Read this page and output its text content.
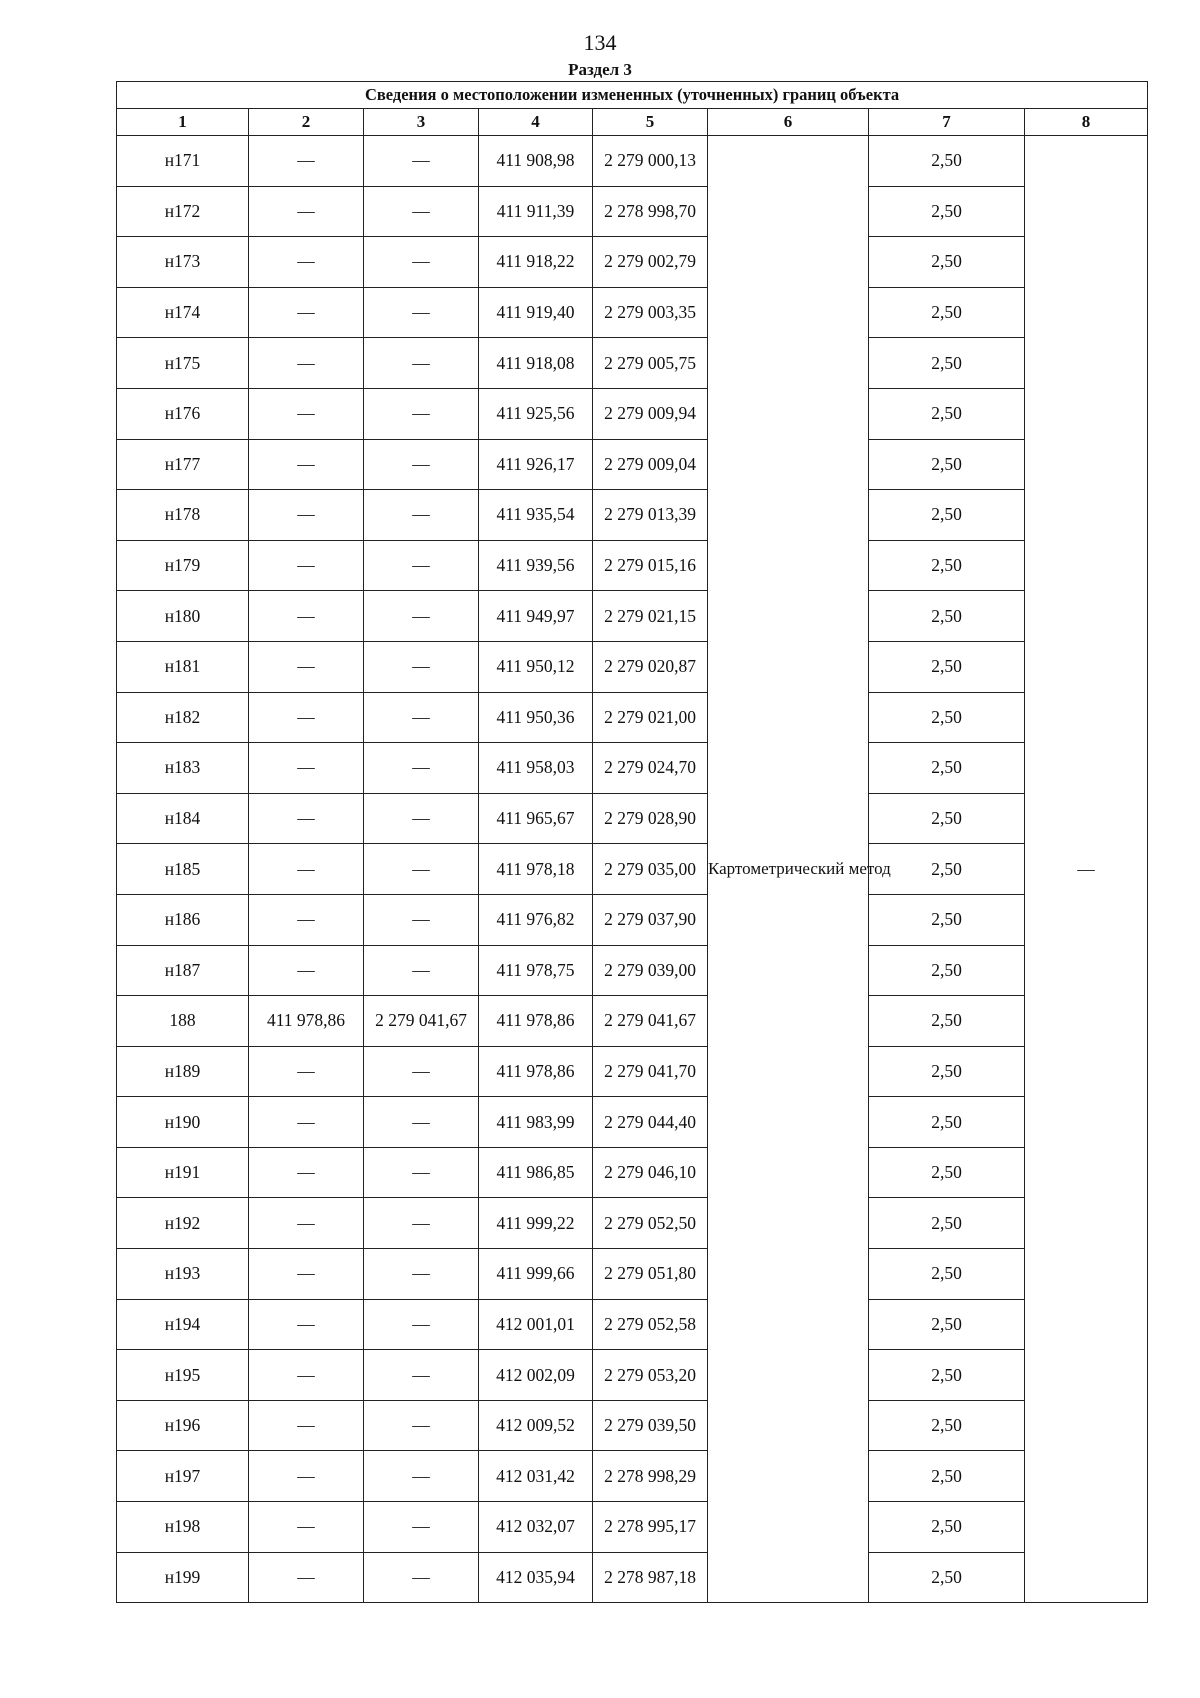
134
Раздел 3
Сведения о местоположении измененных (уточненных) границ объекта							
1	2	3	4	5	6	7	8
н171	—	—	411 908,98	2 279 000,13	Картометрический метод	2,50	—
н172	—	—	411 911,39	2 278 998,70		2,50	
н173	—	—	411 918,22	2 279 002,79		2,50	
н174	—	—	411 919,40	2 279 003,35		2,50	
н175	—	—	411 918,08	2 279 005,75		2,50	
н176	—	—	411 925,56	2 279 009,94		2,50	
н177	—	—	411 926,17	2 279 009,04		2,50	
н178	—	—	411 935,54	2 279 013,39		2,50	
н179	—	—	411 939,56	2 279 015,16		2,50	
н180	—	—	411 949,97	2 279 021,15		2,50	
н181	—	—	411 950,12	2 279 020,87		2,50	
н182	—	—	411 950,36	2 279 021,00		2,50	
н183	—	—	411 958,03	2 279 024,70		2,50	
н184	—	—	411 965,67	2 279 028,90		2,50	
н185	—	—	411 978,18	2 279 035,00		2,50	
н186	—	—	411 976,82	2 279 037,90		2,50	
н187	—	—	411 978,75	2 279 039,00		2,50	
188	411 978,86	2 279 041,67	411 978,86	2 279 041,67		2,50	
н189	—	—	411 978,86	2 279 041,70		2,50	
н190	—	—	411 983,99	2 279 044,40		2,50	
н191	—	—	411 986,85	2 279 046,10		2,50	
н192	—	—	411 999,22	2 279 052,50		2,50	
н193	—	—	411 999,66	2 279 051,80		2,50	
н194	—	—	412 001,01	2 279 052,58		2,50	
н195	—	—	412 002,09	2 279 053,20		2,50	
н196	—	—	412 009,52	2 279 039,50		2,50	
н197	—	—	412 031,42	2 278 998,29		2,50	
н198	—	—	412 032,07	2 278 995,17		2,50	
н199	—	—	412 035,94	2 278 987,18		2,50	
